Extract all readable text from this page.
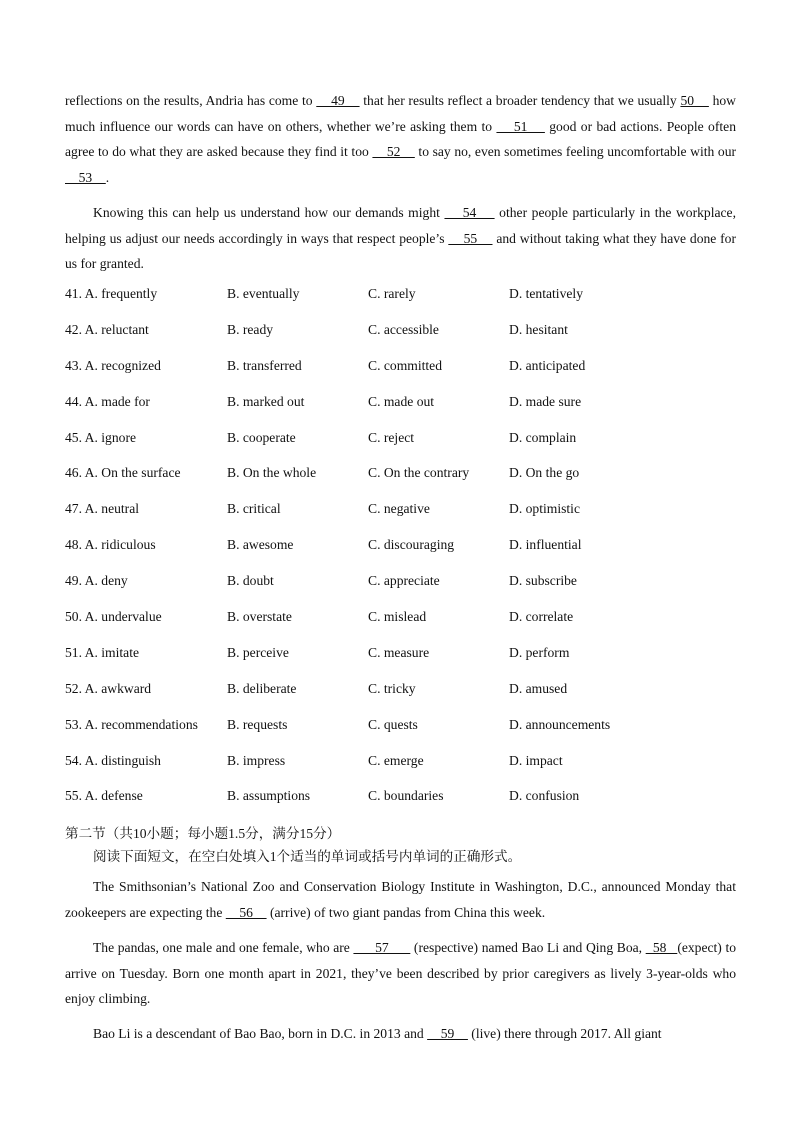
reflections on the results, Andria has come to     49     that her results reflect a broader tendency that we usually 50     how much influence our words can have on others, whether we’re asking them to     51     good or bad actions. People often agree to do what they are asked because they find it too     52     to say no, even sometimes feeling uncomfortable with our     53    .

Knowing this can help us understand how our demands might     54     other people particularly in the workplace, helping us adjust our needs accordingly in ways that respect people’s     55     and without taking what they have done for us for granted.

41. A. frequently	B. eventually	C. rarely	D. tentatively
42. A. reluctant	B. ready	C. accessible	D. hesitant
43. A. recognized	B. transferred	C. committed	D. anticipated
44. A. made for	B. marked out	C. made out	D. made sure
45. A. ignore	B. cooperate	C. reject	D. complain
46. A. On the surface	B. On the whole	C. On the contrary	D. On the go
47. A. neutral	B. critical	C. negative	D. optimistic
48. A. ridiculous	B. awesome	C. discouraging	D. influential
49. A. deny	B. doubt	C. appreciate	D. subscribe
50. A. undervalue	B. overstate	C. mislead	D. correlate
51. A. imitate	B. perceive	C. measure	D. perform
52. A. awkward	B. deliberate	C. tricky	D. amused
53. A. recommendations B. requests	C. quests	D. announcements
54. A. distinguish	B. impress	C. emerge	D. impact
55. A. defense	B. assumptions	C. boundaries	D. confusion
第二节（共10小题；每小题1.5分，满分15分）
阅读下面短文，在空白处填入1个适当的单词或括号内单词的正确形式。

The Smithsonian’s National Zoo and Conservation Biology Institute in Washington, D.C., announced Monday that zookeepers are expecting the     56     (arrive) of two giant pandas from China this week.

The pandas, one male and one female, who are       57       (respective) named Bao Li and Qing Boa,   58   (expect) to arrive on Tuesday. Born one month apart in 2021, they’ve been described by prior caregivers as lively 3-year-olds who enjoy climbing.

Bao Li is a descendant of Bao Bao, born in D.C. in 2013 and     59     (live) there through 2017. All giant
